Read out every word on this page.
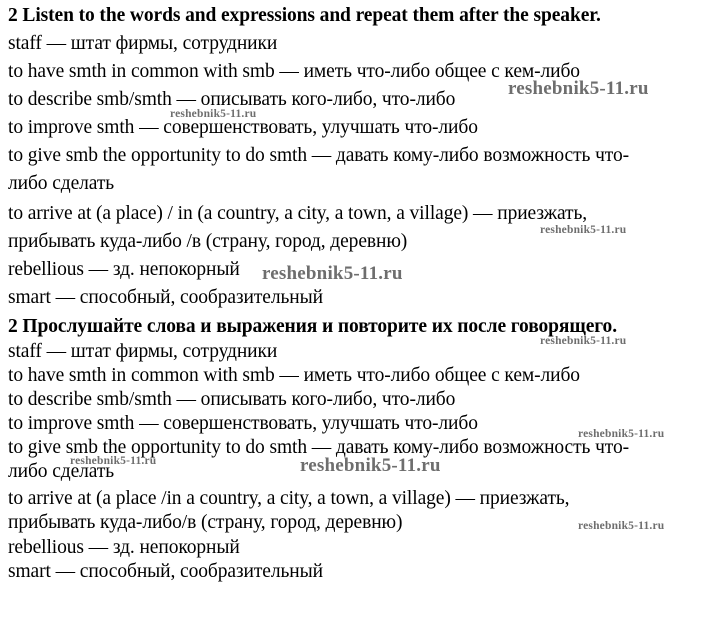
2 Listen to the words and expressions and repeat them after the speaker.
staff — штат фирмы, сотрудники
to have smth in common with smb — иметь что-либо общее с кем-либо
to describe smb/smth — описывать кого-либо, что-либо
to improve smth — совершенствовать, улучшать что-либо
to give smb the opportunity to do smth — давать кому-либо возможность что-
либо сделать
to arrive at (a place) / in (a country, a city, a town, a village) — приезжать,
прибывать куда-либо /в (страну, город, деревню)
rebellious — зд. непокорный
smart — способный, сообразительный
2 Прослушайте слова и выражения и повторите их после говорящего.
staff — штат фирмы, сотрудники
to have smth in common with smb — иметь что-либо общее с кем-либо
to describe smb/smth — описывать кого-либо, что-либо
to improve smth — совершенствовать, улучшать что-либо
to give smb the opportunity to do smth — давать кому-либо возможность что-
либо сделать
to arrive at (a place /in a country, a city, a town, a village) — приезжать,
прибывать куда-либо/в (страну, город, деревню)
rebellious — зд. непокорный
smart — способный, сообразительный
reshebnik5-11.ru
reshebnik5-11.ru
reshebnik5-11.ru
reshebnik5-11.ru
reshebnik5-11.ru
reshebnik5-11.ru
reshebnik5-11.ru	reshebnik5-11.ru
reshebnik5-11.ru
